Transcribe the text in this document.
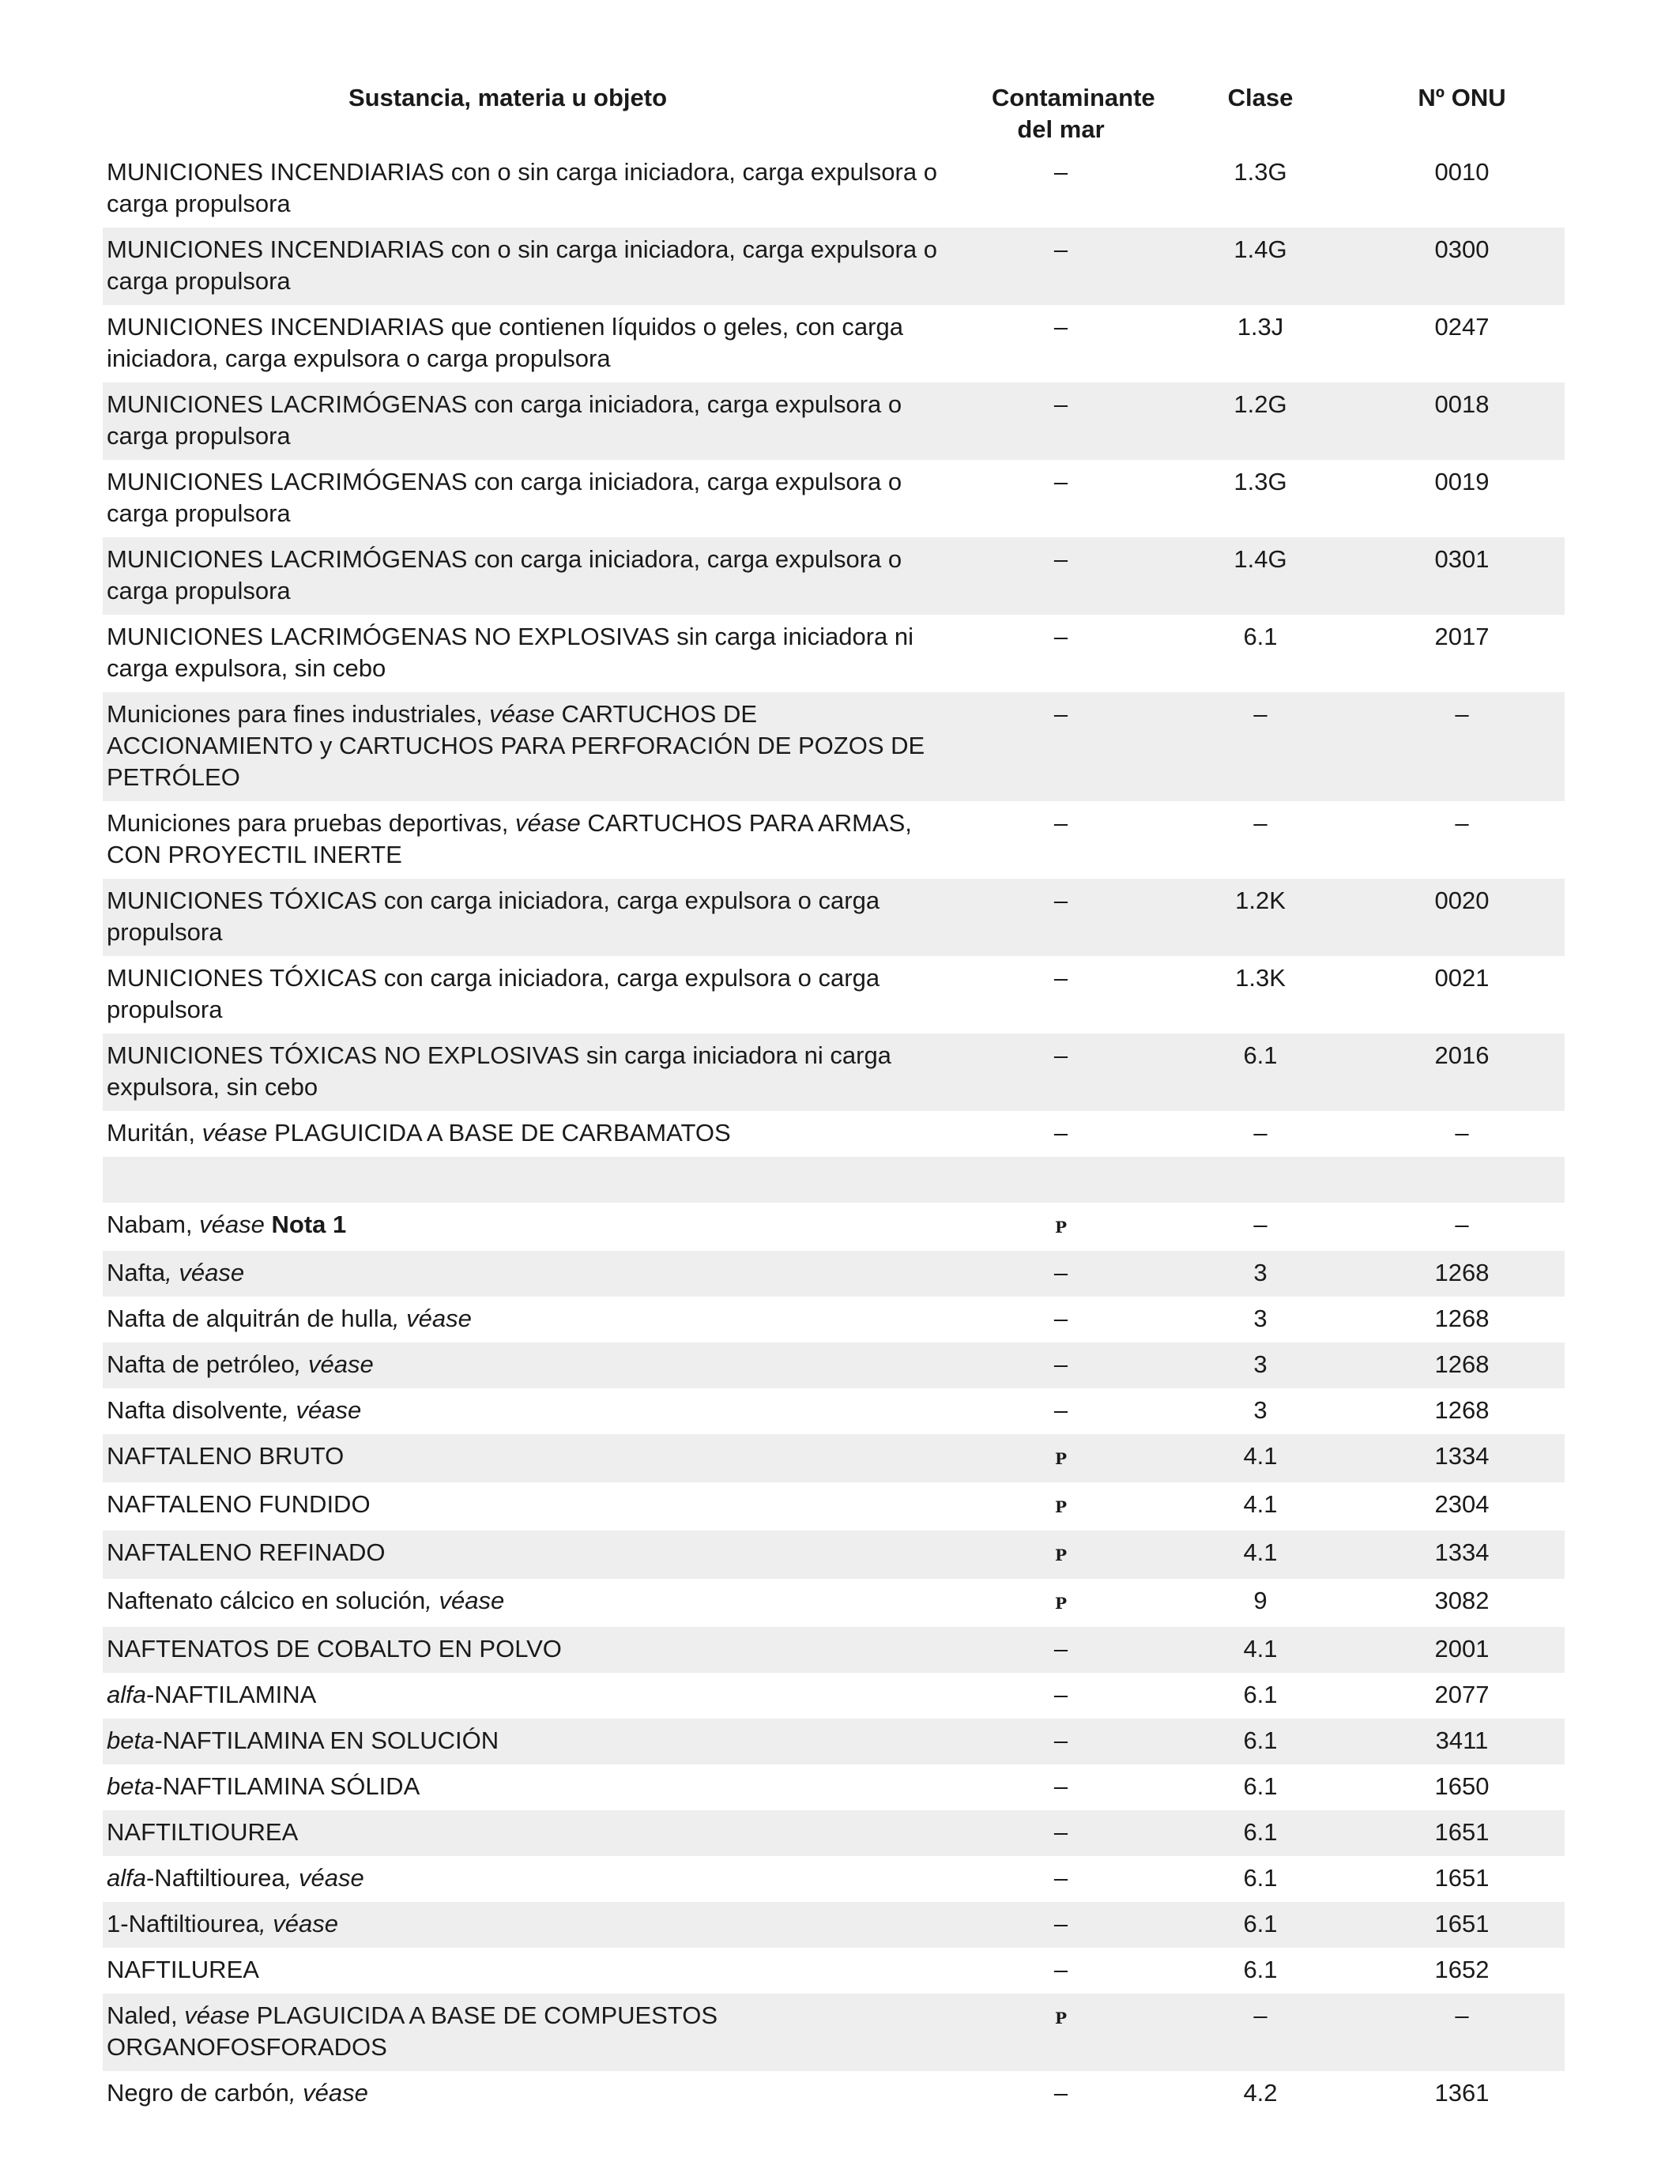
Sustancia, materia u objeto	Contaminante del mar	Clase	Nº ONU
MUNICIONES INCENDIARIAS con o sin carga iniciadora, carga expulsora o carga propulsora	–	1.3G	0010
MUNICIONES INCENDIARIAS con o sin carga iniciadora, carga expulsora o carga propulsora	–	1.4G	0300
MUNICIONES INCENDIARIAS que contienen líquidos o geles, con carga iniciadora, carga expulsora o carga propulsora	–	1.3J	0247
MUNICIONES LACRIMÓGENAS con carga iniciadora, carga expulsora o carga propulsora	–	1.2G	0018
MUNICIONES LACRIMÓGENAS con carga iniciadora, carga expulsora o carga propulsora	–	1.3G	0019
MUNICIONES LACRIMÓGENAS con carga iniciadora, carga expulsora o carga propulsora	–	1.4G	0301
MUNICIONES LACRIMÓGENAS NO EXPLOSIVAS sin carga iniciadora ni carga expulsora, sin cebo	–	6.1	2017
Municiones para fines industriales, véase CARTUCHOS DE ACCIONAMIENTO y CARTUCHOS PARA PERFORACIÓN DE POZOS DE PETRÓLEO	–	–	–
Municiones para pruebas deportivas, véase CARTUCHOS PARA ARMAS, CON PROYECTIL INERTE	–	–	–
MUNICIONES TÓXICAS con carga iniciadora, carga expulsora o carga propulsora	–	1.2K	0020
MUNICIONES TÓXICAS con carga iniciadora, carga expulsora o carga propulsora	–	1.3K	0021
MUNICIONES TÓXICAS NO EXPLOSIVAS sin carga iniciadora ni carga expulsora, sin cebo	–	6.1	2016
Muritán, véase PLAGUICIDA A BASE DE CARBAMATOS	–	–	–

Nabam, véase Nota 1	P	–	–
Nafta, véase	–	3	1268
Nafta de alquitrán de hulla, véase	–	3	1268
Nafta de petróleo, véase	–	3	1268
Nafta disolvente, véase	–	3	1268
NAFTALENO BRUTO	P	4.1	1334
NAFTALENO FUNDIDO	P	4.1	2304
NAFTALENO REFINADO	P	4.1	1334
Naftenato cálcico en solución, véase	P	9	3082
NAFTENATOS DE COBALTO EN POLVO	–	4.1	2001
alfa-NAFTILAMINA	–	6.1	2077
beta-NAFTILAMINA EN SOLUCIÓN	–	6.1	3411
beta-NAFTILAMINA SÓLIDA	–	6.1	1650
NAFTILTIOUREA	–	6.1	1651
alfa-Naftiltiourea, véase	–	6.1	1651
1-Naftiltiourea, véase	–	6.1	1651
NAFTILUREA	–	6.1	1652
Naled, véase PLAGUICIDA A BASE DE COMPUESTOS ORGANOFOSFORADOS	P	–	–
Negro de carbón, véase	–	4.2	1361
